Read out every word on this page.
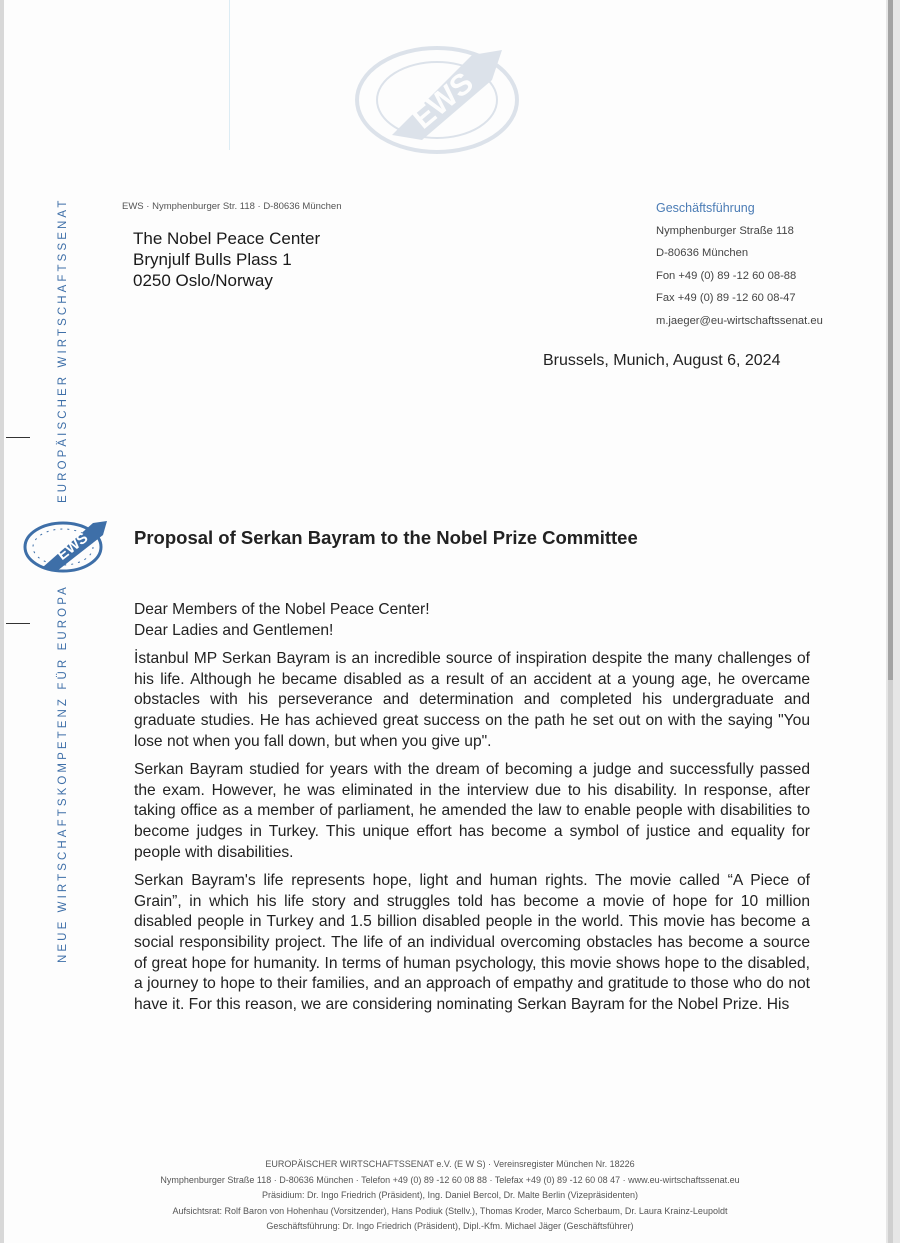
EWS
EUROPÄISCHER WIRTSCHAFTSSENAT
EWS
NEUE WIRTSCHAFTSKOMPETENZ FÜR EUROPA
EWS · Nymphenburger Str. 118 · D-80636 München
The Nobel Peace Center
Brynjulf Bulls Plass 1
0250 Oslo/Norway
Geschäftsführung
Nymphenburger Straße 118
D-80636 München
Fon +49 (0) 89 -12 60 08-88
Fax +49 (0) 89 -12 60 08-47
m.jaeger@eu-wirtschaftssenat.eu
Brussels, Munich, August 6, 2024
Proposal of Serkan Bayram to the Nobel Prize Committee
Dear Members of the Nobel Peace Center!
Dear Ladies and Gentlemen!

İstanbul MP Serkan Bayram is an incredible source of inspiration despite the many challenges of his life. Although he became disabled as a result of an accident at a young age, he overcame obstacles with his perseverance and determination and completed his undergraduate and graduate studies. He has achieved great success on the path he set out on with the saying "You lose not when you fall down, but when you give up".

Serkan Bayram studied for years with the dream of becoming a judge and successfully passed the exam. However, he was eliminated in the interview due to his disability. In response, after taking office as a member of parliament, he amended the law to enable people with disabilities to become judges in Turkey. This unique effort has become a symbol of justice and equality for people with disabilities.

Serkan Bayram's life represents hope, light and human rights. The movie called “A Piece of Grain”, in which his life story and struggles told has become a movie of hope for 10 million disabled people in Turkey and 1.5 billion disabled people in the world. This movie has become a social responsibility project. The life of an individual overcoming obstacles has become a source of great hope for humanity. In terms of human psychology, this movie shows hope to the disabled, a journey to hope to their families, and an approach of empathy and gratitude to those who do not have it. For this reason, we are considering nominating Serkan Bayram for the Nobel Prize. His

EUROPÄISCHER WIRTSCHAFTSSENAT e.V. (E W S) · Vereinsregister München Nr. 18226
Nymphenburger Straße 118 · D-80636 München · Telefon +49 (0) 89 -12 60 08 88 · Telefax +49 (0) 89 -12 60 08 47 · www.eu-wirtschaftssenat.eu
Präsidium: Dr. Ingo Friedrich (Präsident), Ing. Daniel Bercol, Dr. Malte Berlin (Vizepräsidenten)
Aufsichtsrat: Rolf Baron von Hohenhau (Vorsitzender), Hans Podiuk (Stellv.), Thomas Kroder, Marco Scherbaum, Dr. Laura Krainz-Leupoldt
Geschäftsführung: Dr. Ingo Friedrich (Präsident), Dipl.-Kfm. Michael Jäger (Geschäftsführer)
